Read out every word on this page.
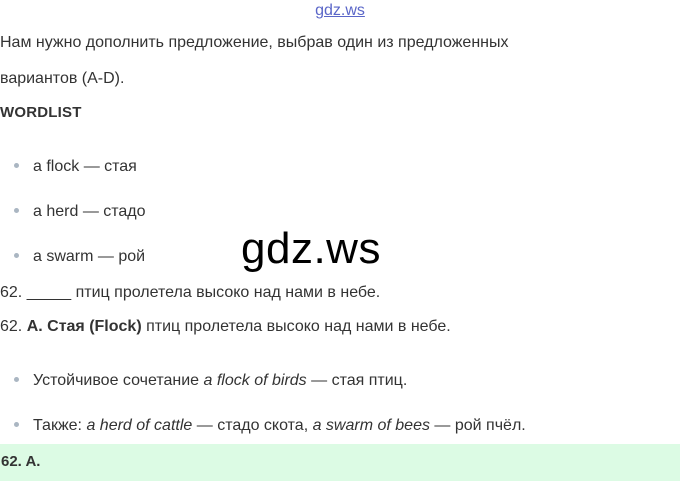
gdz.ws
Нам нужно дополнить предложение, выбрав один из предложенных
вариантов (A-D).
WORDLIST
a flock — стая
a herd — стадо
a swarm — рой
62. _____ птиц пролетела высоко над нами в небе.
62. A. Стая (Flock) птиц пролетела высоко над нами в небе.
Устойчивое сочетание a flock of birds — стая птиц.
Также: a herd of cattle — стадо скота, a swarm of bees — рой пчёл.
62. A.
gdz.ws
